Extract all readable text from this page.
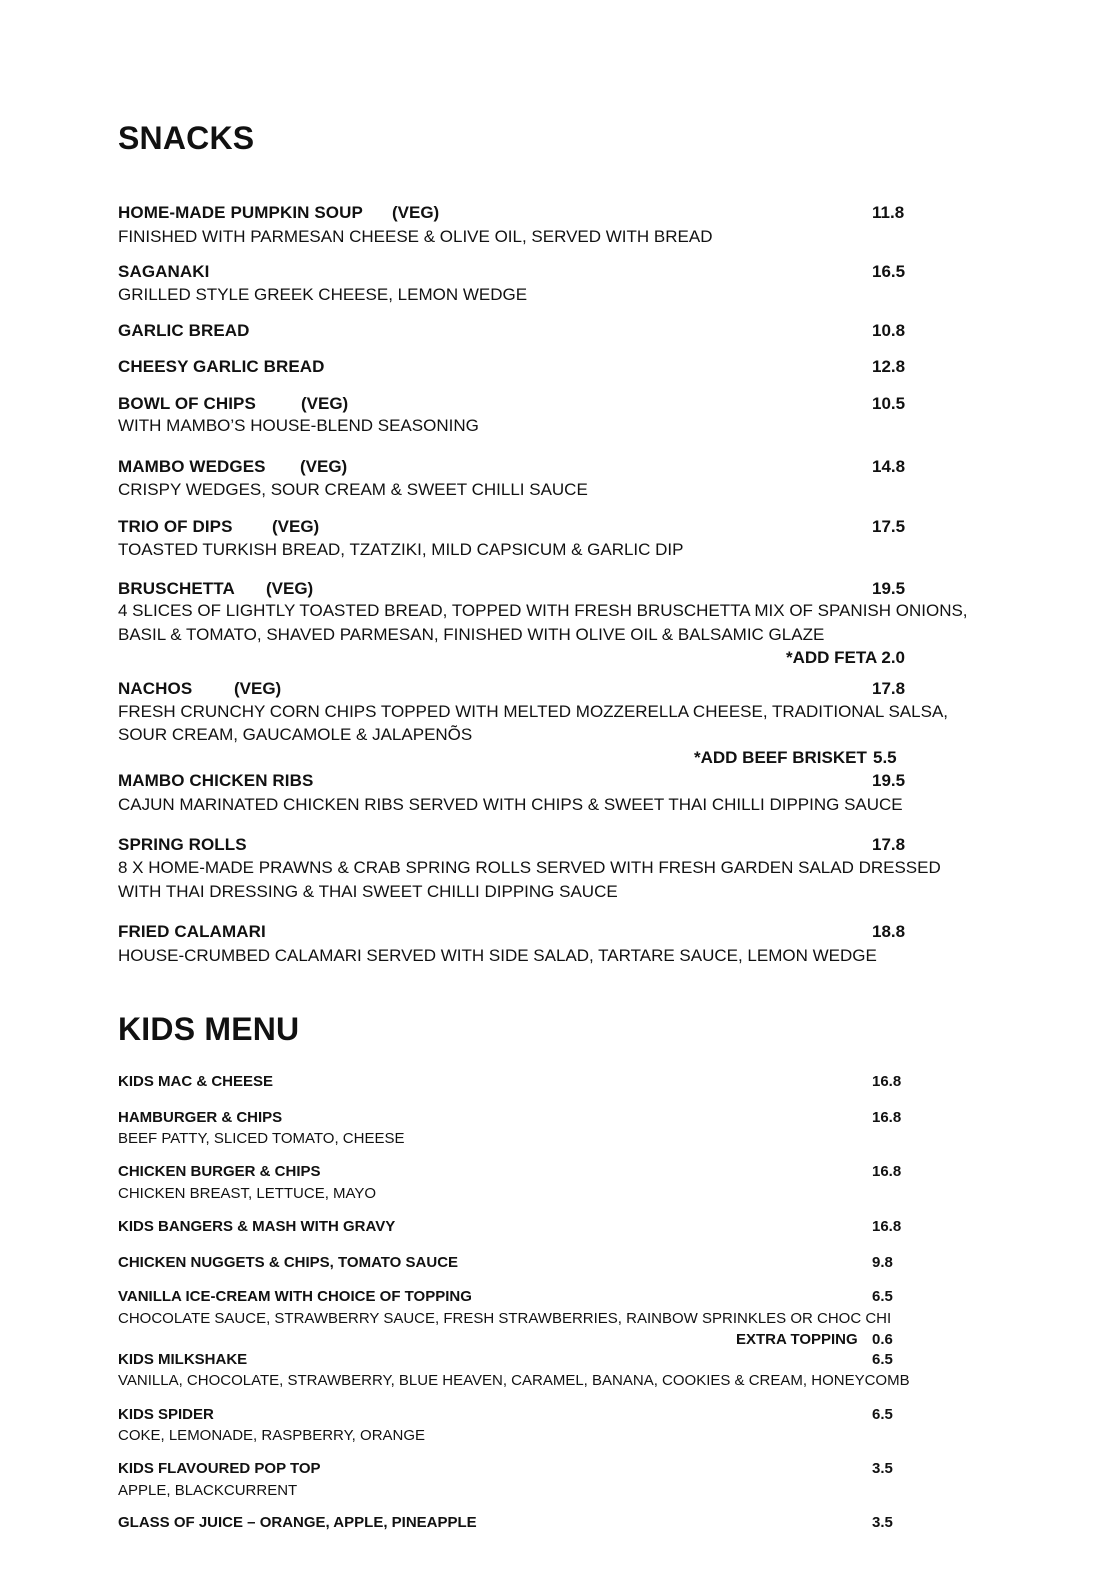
SNACKS
HOME-MADE PUMPKIN SOUP (VEG)	11.8
FINISHED WITH PARMESAN CHEESE & OLIVE OIL, SERVED WITH BREAD
SAGANAKI	16.5
GRILLED STYLE GREEK CHEESE, LEMON WEDGE
GARLIC BREAD	10.8
CHEESY GARLIC BREAD	12.8
BOWL OF CHIPS	(VEG)	10.5
WITH MAMBO’S HOUSE-BLEND SEASONING
MAMBO WEDGES (VEG)	14.8
CRISPY WEDGES, SOUR CREAM & SWEET CHILLI SAUCE
TRIO OF DIPS (VEG)	17.5
TOASTED TURKISH BREAD, TZATZIKI, MILD CAPSICUM & GARLIC DIP
BRUSCHETTA (VEG)	19.5
4 SLICES OF LIGHTLY TOASTED BREAD, TOPPED WITH FRESH BRUSCHETTA MIX OF SPANISH ONIONS,
BASIL & TOMATO, SHAVED PARMESAN, FINISHED WITH OLIVE OIL & BALSAMIC GLAZE
*ADD FETA 2.0
NACHOS (VEG)	17.8
FRESH CRUNCHY CORN CHIPS TOPPED WITH MELTED MOZZERELLA CHEESE, TRADITIONAL SALSA,
SOUR CREAM, GAUCAMOLE & JALAPENÕS
*ADD BEEF BRISKET 5.5
MAMBO CHICKEN RIBS	19.5
CAJUN MARINATED CHICKEN RIBS SERVED WITH CHIPS & SWEET THAI CHILLI DIPPING SAUCE
SPRING ROLLS	17.8
8 X HOME-MADE PRAWNS & CRAB SPRING ROLLS SERVED WITH FRESH GARDEN SALAD DRESSED
WITH THAI DRESSING & THAI SWEET CHILLI DIPPING SAUCE
FRIED CALAMARI	18.8
HOUSE-CRUMBED CALAMARI SERVED WITH SIDE SALAD, TARTARE SAUCE, LEMON WEDGE
KIDS MENU
KIDS MAC & CHEESE	16.8
HAMBURGER & CHIPS	16.8
BEEF PATTY, SLICED TOMATO, CHEESE
CHICKEN BURGER & CHIPS	16.8
CHICKEN BREAST, LETTUCE, MAYO
KIDS BANGERS & MASH WITH GRAVY	16.8
CHICKEN NUGGETS & CHIPS, TOMATO SAUCE	9.8
VANILLA ICE-CREAM WITH CHOICE OF TOPPING	6.5
CHOCOLATE SAUCE, STRAWBERRY SAUCE, FRESH STRAWBERRIES, RAINBOW SPRINKLES OR CHOC CHI
EXTRA TOPPING 0.6
KIDS MILKSHAKE	6.5
VANILLA, CHOCOLATE, STRAWBERRY, BLUE HEAVEN, CARAMEL, BANANA, COOKIES & CREAM, HONEYCOMB
KIDS SPIDER	6.5
COKE, LEMONADE, RASPBERRY, ORANGE
KIDS FLAVOURED POP TOP	3.5
APPLE, BLACKCURRENT
GLASS OF JUICE – ORANGE, APPLE, PINEAPPLE	3.5
